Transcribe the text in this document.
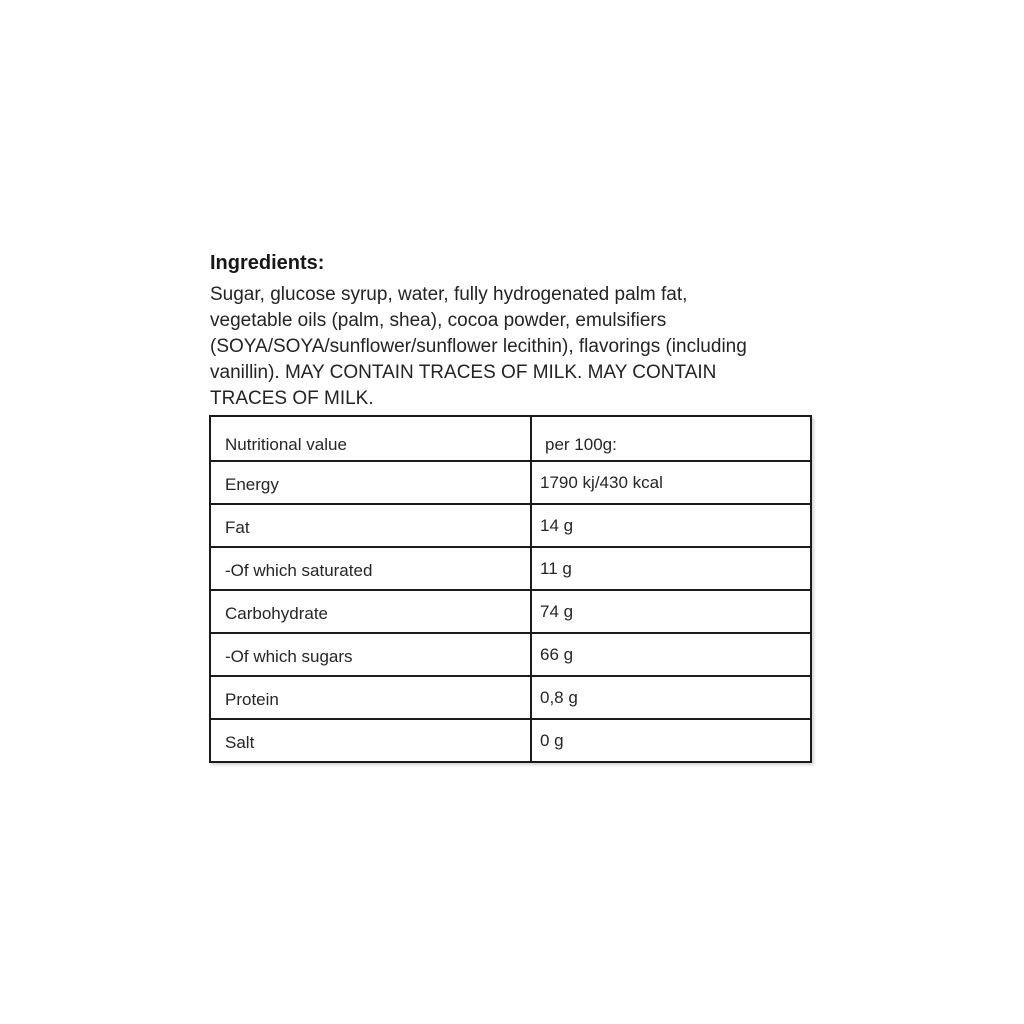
Ingredients:
Sugar, glucose syrup, water, fully hydrogenated palm fat,
vegetable oils (palm, shea), cocoa powder, emulsifiers
(SOYA/SOYA/sunflower/sunflower lecithin), flavorings (including
vanillin). MAY CONTAIN TRACES OF MILK. MAY CONTAIN
TRACES OF MILK.
Nutritional value	per 100g:
Energy	1790 kj/430 kcal
Fat	14 g
-Of which saturated	11 g
Carbohydrate	74 g
-Of which sugars	66 g
Protein	0,8 g
Salt	0 g
